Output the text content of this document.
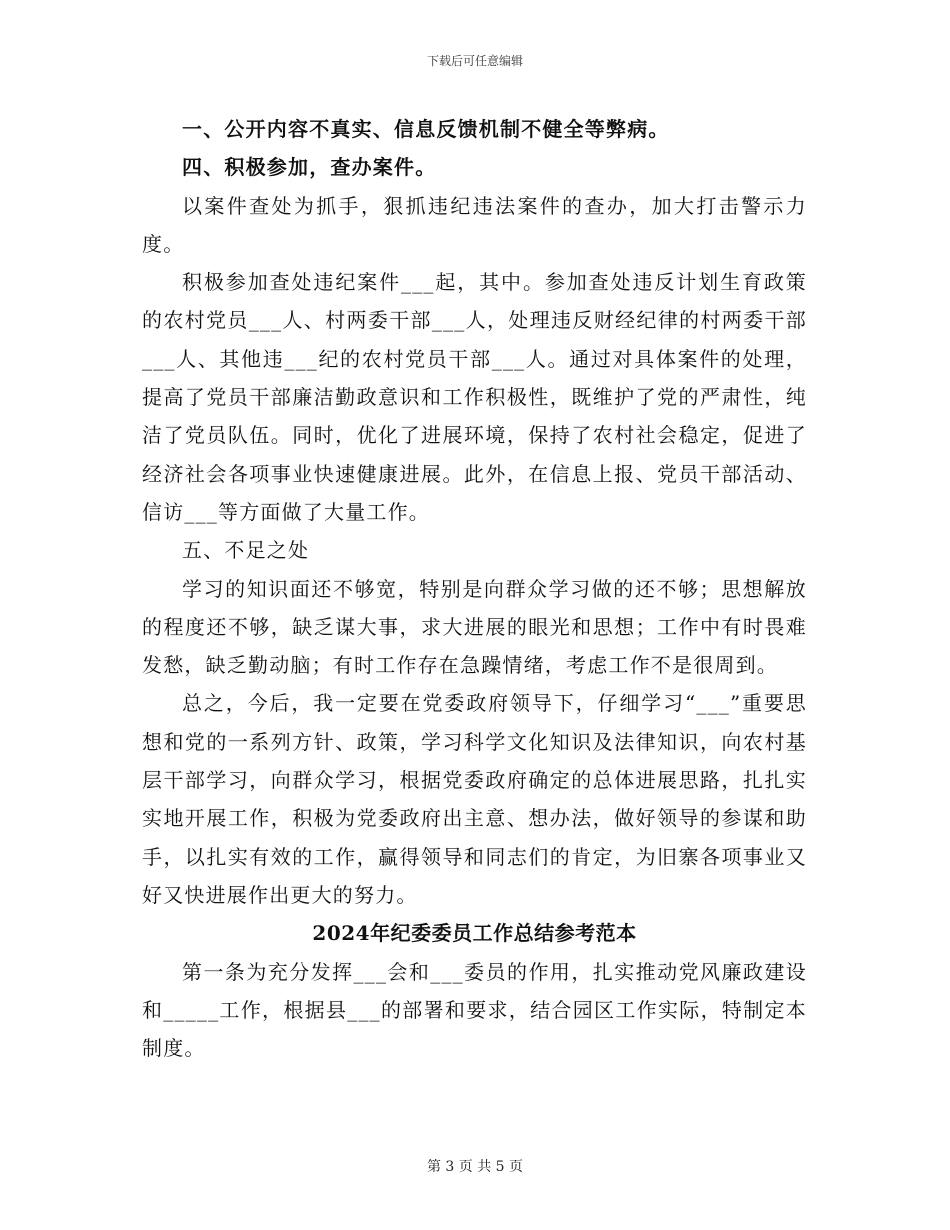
下载后可任意编辑

一、公开内容不真实、信息反馈机制不健全等弊病。

四、积极参加，查办案件。

以案件查处为抓手，狠抓违纪违法案件的查办，加大打击警示力度。

积极参加查处违纪案件___起，其中。参加查处违反计划生育政策的农村党员___人、村两委干部___人，处理违反财经纪律的村两委干部___人、其他违___纪的农村党员干部___人。通过对具体案件的处理，提高了党员干部廉洁勤政意识和工作积极性，既维护了党的严肃性，纯洁了党员队伍。同时，优化了进展环境，保持了农村社会稳定，促进了经济社会各项事业快速健康进展。此外，在信息上报、党员干部活动、信访___等方面做了大量工作。

五、不足之处

学习的知识面还不够宽，特别是向群众学习做的还不够；思想解放的程度还不够，缺乏谋大事，求大进展的眼光和思想；工作中有时畏难发愁，缺乏勤动脑；有时工作存在急躁情绪，考虑工作不是很周到。

总之，今后，我一定要在党委政府领导下，仔细学习“___”重要思想和党的一系列方针、政策，学习科学文化知识及法律知识，向农村基层干部学习，向群众学习，根据党委政府确定的总体进展思路，扎扎实实地开展工作，积极为党委政府出主意、想办法，做好领导的参谋和助手，以扎实有效的工作，赢得领导和同志们的肯定，为旧寨各项事业又好又快进展作出更大的努力。

2024年纪委委员工作总结参考范本

第一条为充分发挥___会和___委员的作用，扎实推动党风廉政建设和_____工作，根据县___的部署和要求，结合园区工作实际，特制定本制度。

第 3 页 共 5 页
